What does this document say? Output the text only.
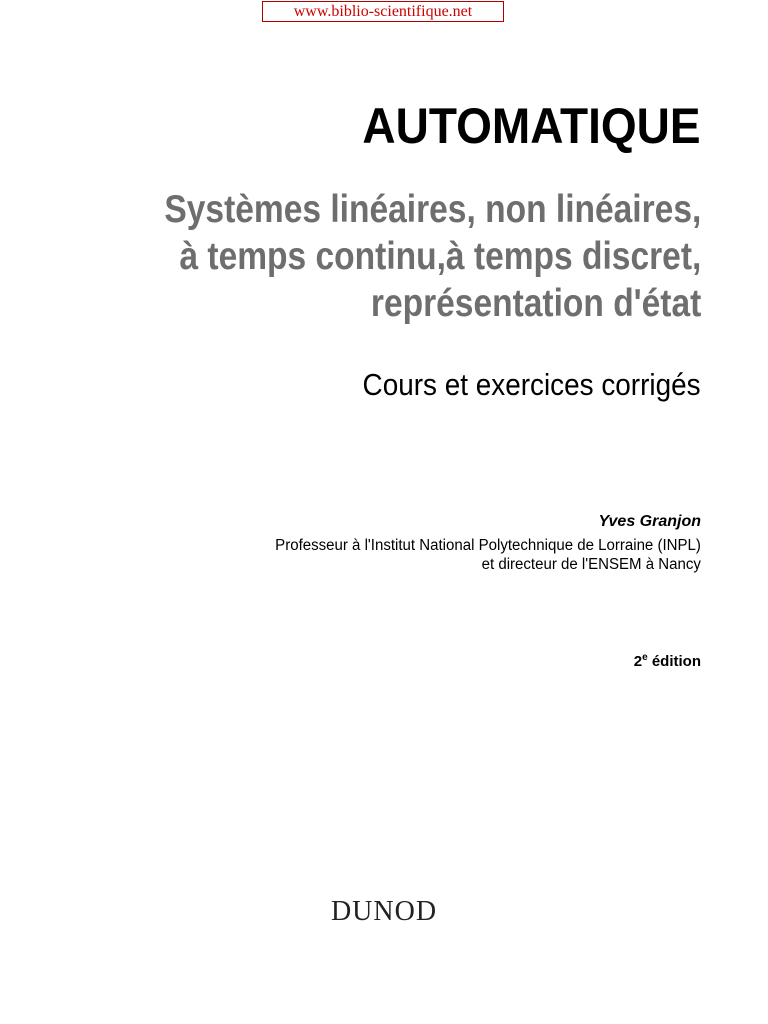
www.biblio-scientifique.net
AUTOMATIQUE
Systèmes linéaires, non linéaires,
à temps continu,à temps discret,
représentation d'état
Cours et exercices corrigés
Yves Granjon
Professeur à l'Institut National Polytechnique de Lorraine (INPL)
et directeur de l'ENSEM à Nancy
2e édition
DUNOD
